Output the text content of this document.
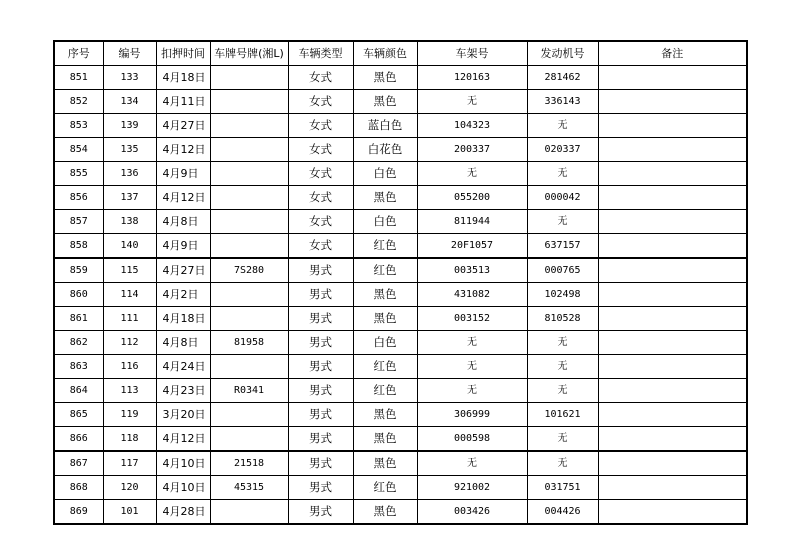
序号	编号	扣押时间	车牌号牌(湘L)	车辆类型	车辆颜色	车架号	发动机号	备注
851	133	4月18日		女式	黑色	120163	281462	
852	134	4月11日		女式	黑色	无	336143	
853	139	4月27日		女式	蓝白色	104323	无	
854	135	4月12日		女式	白花色	200337	020337	
855	136	4月9日		女式	白色	无	无	
856	137	4月12日		女式	黑色	055200	000042	
857	138	4月8日		女式	白色	811944	无	
858	140	4月9日		女式	红色	20F1057	637157	
859	115	4月27日	7S280	男式	红色	003513	000765	
860	114	4月2日		男式	黑色	431082	102498	
861	111	4月18日		男式	黑色	003152	810528	
862	112	4月8日	81958	男式	白色	无	无	
863	116	4月24日		男式	红色	无	无	
864	113	4月23日	R0341	男式	红色	无	无	
865	119	3月20日		男式	黑色	306999	101621	
866	118	4月12日		男式	黑色	000598	无	
867	117	4月10日	21518	男式	黑色	无	无	
868	120	4月10日	45315	男式	红色	921002	031751	
869	101	4月28日		男式	黑色	003426	004426	
